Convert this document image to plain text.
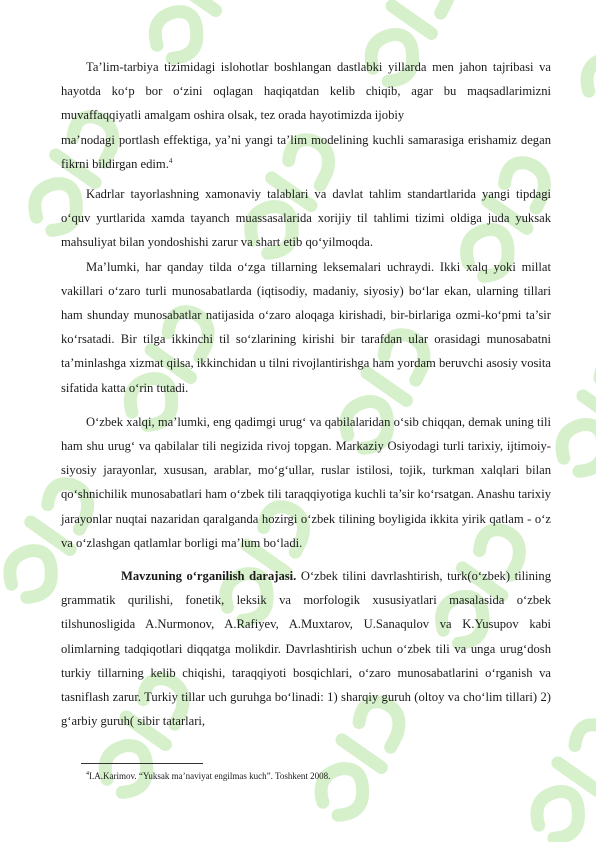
Ta’lim-tarbiya tizimidagi islohotlar boshlangan dastlabki yillarda men jahon tajribasi va hayotda ko‘p bor o‘zini oqlagan haqiqatdan kelib chiqib, agar bu maqsadlarimizni muvaffaqqiyatli amalgam oshira olsak, tez orada hayotimizda ijobiy
ma’nodagi portlash effektiga, ya’ni yangi ta’lim modelining kuchli samarasiga erishamiz degan fikrni bildirgan edim.$^4$

Kadrlar tayorlashning xamonaviy talablari va davlat tahlim standartlarida yangi tipdagi o‘quv yurtlarida xamda tayanch muassasalarida xorijiy til tahlimi tizimi oldiga juda yuksak mahsuliyat bilan yondoshishi zarur va shart etib qo‘yilmoqda.

Ma’lumki, har qanday tilda o‘zga tillarning leksemalari uchraydi. Ikki xalq yoki millat vakillari o‘zaro turli munosabatlarda (iqtisodiy, madaniy, siyosiy) bo‘lar ekan, ularning tillari ham shunday munosabatlar natijasida o‘zaro aloqaga kirishadi, bir-birlariga ozmi-ko‘pmi ta’sir ko‘rsatadi. Bir tilga ikkinchi til so‘zlarining kirishi bir tarafdan ular orasidagi munosabatni ta’minlashga xizmat qilsa, ikkinchidan u tilni rivojlantirishga ham yordam beruvchi asosiy vosita sifatida katta o‘rin tutadi.

O‘zbek xalqi, ma’lumki, eng qadimgi urug‘ va qabilalaridan o‘sib chiqqan, demak uning tili ham shu urug‘ va qabilalar tili negizida rivoj topgan. Markaziy Osiyodagi turli tarixiy, ijtimoiy-siyosiy jarayonlar, xususan, arablar, mo‘g‘ullar, ruslar istilosi, tojik, turkman xalqlari bilan qo‘shnichilik munosabatlari ham o‘zbek tili taraqqiyotiga kuchli ta’sir ko‘rsatgan. Anashu tarixiy jarayonlar nuqtai nazaridan qaralganda hozirgi o‘zbek tilining boyligida ikkita yirik qatlam - o‘z va o‘zlashgan qatlamlar borligi ma’lum bo‘ladi.

Mavzuning o‘rganilish darajasi. O‘zbek tilini davrlashtirish, turk(o‘zbek) tilining grammatik qurilishi, fonetik, leksik va morfologik xususiyatlari masalasida o‘zbek tilshunosligida A.Nurmonov, A.Rafiyev, A.Muxtarov, U.Sanaqulov va K.Yusupov kabi olimlarning tadqiqotlari diqqatga molikdir. Davrlashtirish uchun o‘zbek tili va unga urug‘dosh turkiy tillarning kelib chiqishi, taraqqiyoti bosqichlari, o‘zaro munosabatlarini o‘rganish va tasniflash zarur. Turkiy tillar uch guruhga bo‘linadi: 1) sharqiy guruh (oltoy va cho‘lim tillari) 2) g‘arbiy guruh( sibir tatarlari,

$^4$I.A.Karimov. “Yuksak ma’naviyat engilmas kuch”. Toshkent 2008.
